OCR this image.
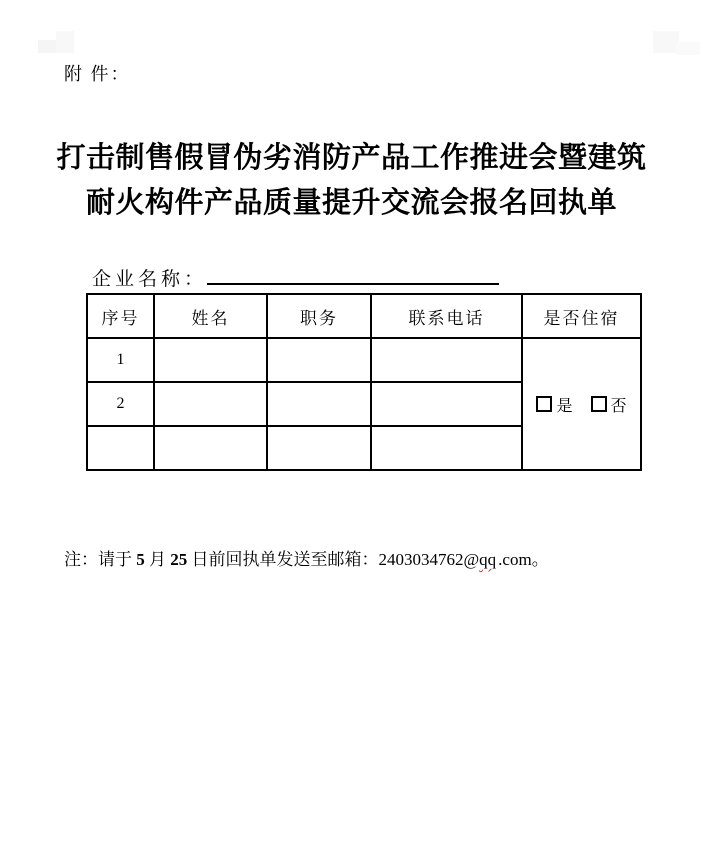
附 件：
打击制售假冒伪劣消防产品工作推进会暨建筑
耐火构件产品质量提升交流会报名回执单
企业名称：
序号	姓名	职务	联系电话	是否住宿
1				是 否
2				

注：请于 5 月 25 日前回执单发送至邮箱：2403034762@qq .com。
